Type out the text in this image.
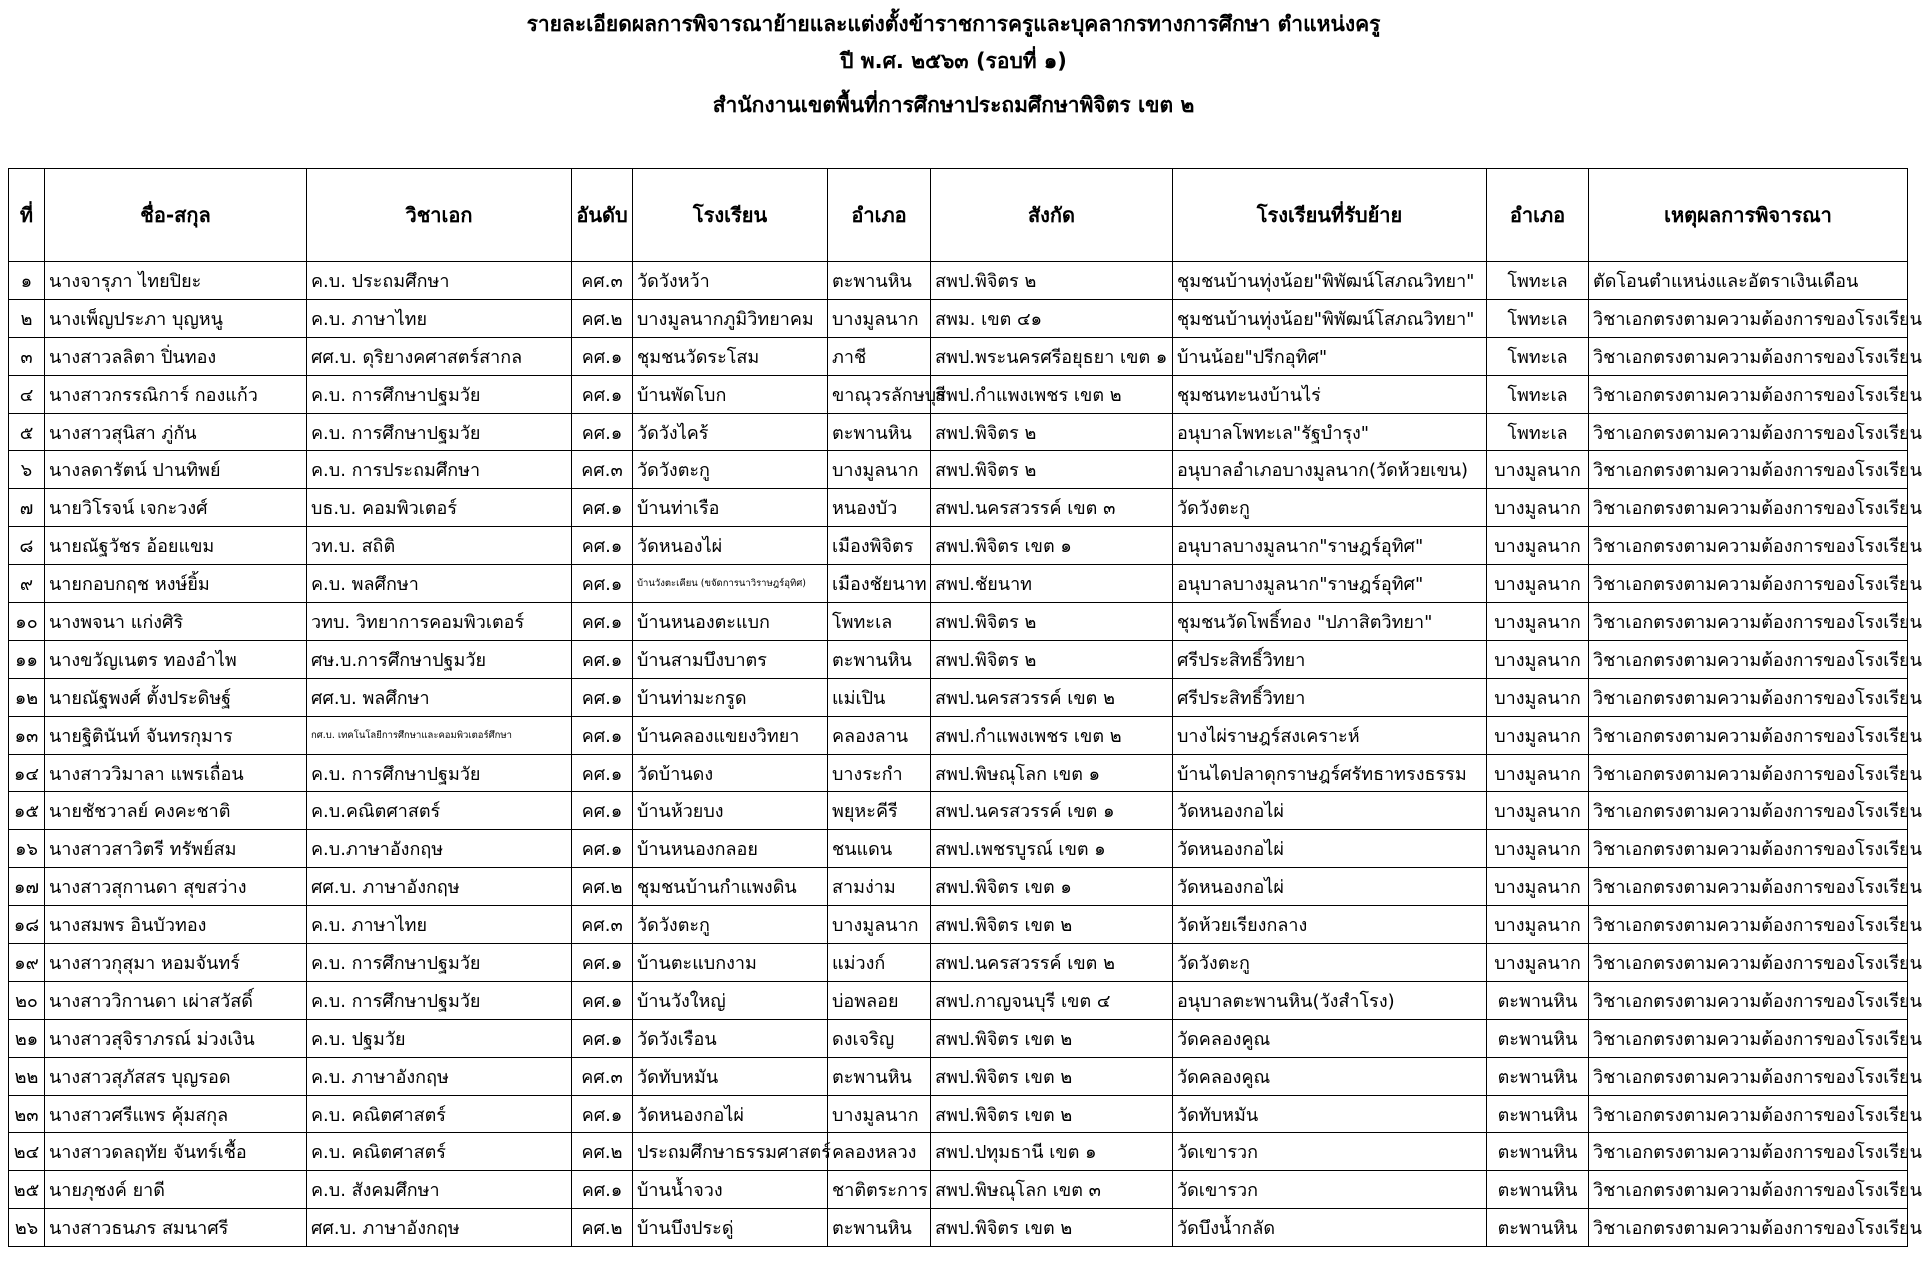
รายละเอียดผลการพิจารณาย้ายและแต่งตั้งข้าราชการครูและบุคลากรทางการศึกษา ตำแหน่งครู
ปี พ.ศ. ๒๕๖๓ (รอบที่ ๑)
สำนักงานเขตพื้นที่การศึกษาประถมศึกษาพิจิตร เขต ๒
ที่	ชื่อ-สกุล	วิชาเอก	อันดับ	โรงเรียน	อำเภอ	สังกัด	โรงเรียนที่รับย้าย	อำเภอ	เหตุผลการพิจารณา
๑	นางจารุภา ไทยปิยะ	ค.บ. ประถมศึกษา	คศ.๓	วัดวังหว้า	ตะพานหิน	สพป.พิจิตร ๒	ชุมชนบ้านทุ่งน้อย"พิพัฒน์โสภณวิทยา"	โพทะเล	ตัดโอนตำแหน่งและอัตราเงินเดือน
๒	นางเพ็ญประภา บุญหนู	ค.บ. ภาษาไทย	คศ.๒	บางมูลนากภูมิวิทยาคม	บางมูลนาก	สพม. เขต ๔๑	ชุมชนบ้านทุ่งน้อย"พิพัฒน์โสภณวิทยา"	โพทะเล	วิชาเอกตรงตามความต้องการของโรงเรียน
๓	นางสาวลลิตา ปิ่นทอง	ศศ.บ. ดุริยางคศาสตร์สากล	คศ.๑	ชุมชนวัดระโสม	ภาชี	สพป.พระนครศรีอยุธยา เขต ๑	บ้านน้อย"ปรีกอุทิศ"	โพทะเล	วิชาเอกตรงตามความต้องการของโรงเรียน
๔	นางสาวกรรณิการ์ กองแก้ว	ค.บ. การศึกษาปฐมวัย	คศ.๑	บ้านพัดโบก	ขาณุวรลักษบุรี	สพป.กำแพงเพชร เขต ๒	ชุมชนทะนงบ้านไร่	โพทะเล	วิชาเอกตรงตามความต้องการของโรงเรียน
๕	นางสาวสุนิสา ภู่กัน	ค.บ. การศึกษาปฐมวัย	คศ.๑	วัดวังไคร้	ตะพานหิน	สพป.พิจิตร ๒	อนุบาลโพทะเล"รัฐบำรุง"	โพทะเล	วิชาเอกตรงตามความต้องการของโรงเรียน
๖	นางลดารัตน์ ปานทิพย์	ค.บ. การประถมศึกษา	คศ.๓	วัดวังตะกู	บางมูลนาก	สพป.พิจิตร ๒	อนุบาลอำเภอบางมูลนาก(วัดห้วยเขน)	บางมูลนาก	วิชาเอกตรงตามความต้องการของโรงเรียน
๗	นายวิโรจน์ เจกะวงศ์	บธ.บ. คอมพิวเตอร์	คศ.๑	บ้านท่าเรือ	หนองบัว	สพป.นครสวรรค์ เขต ๓	วัดวังตะกู	บางมูลนาก	วิชาเอกตรงตามความต้องการของโรงเรียน
๘	นายณัฐวัชร อ้อยแขม	วท.บ. สถิติ	คศ.๑	วัดหนองไผ่	เมืองพิจิตร	สพป.พิจิตร เขต ๑	อนุบาลบางมูลนาก"ราษฎร์อุทิศ"	บางมูลนาก	วิชาเอกตรงตามความต้องการของโรงเรียน
๙	นายกอบกฤช หงษ์ยิ้ม	ค.บ. พลศึกษา	คศ.๑	บ้านวังตะเคียน (ขจัดการนาวิราษฎร์อุทิศ)	เมืองชัยนาท	สพป.ชัยนาท	อนุบาลบางมูลนาก"ราษฎร์อุทิศ"	บางมูลนาก	วิชาเอกตรงตามความต้องการของโรงเรียน
๑๐	นางพจนา แก่งศิริ	วทบ. วิทยาการคอมพิวเตอร์	คศ.๑	บ้านหนองตะแบก	โพทะเล	สพป.พิจิตร ๒	ชุมชนวัดโพธิ์ทอง "ปภาสิตวิทยา"	บางมูลนาก	วิชาเอกตรงตามความต้องการของโรงเรียน
๑๑	นางขวัญเนตร ทองอำไพ	ศษ.บ.การศึกษาปฐมวัย	คศ.๑	บ้านสามบึงบาตร	ตะพานหิน	สพป.พิจิตร ๒	ศรีประสิทธิ์วิทยา	บางมูลนาก	วิชาเอกตรงตามความต้องการของโรงเรียน
๑๒	นายณัฐพงศ์ ตั้งประดิษฐ์	ศศ.บ. พลศึกษา	คศ.๑	บ้านท่ามะกรูด	แม่เปิน	สพป.นครสวรรค์ เขต ๒	ศรีประสิทธิ์วิทยา	บางมูลนาก	วิชาเอกตรงตามความต้องการของโรงเรียน
๑๓	นายฐิตินันท์ จันทรกุมาร	กศ.บ. เทคโนโลยีการศึกษาและคอมพิวเตอร์ศึกษา	คศ.๑	บ้านคลองแขยงวิทยา	คลองลาน	สพป.กำแพงเพชร เขต ๒	บางไผ่ราษฎร์สงเคราะห์	บางมูลนาก	วิชาเอกตรงตามความต้องการของโรงเรียน
๑๔	นางสาววิมาลา แพรเถื่อน	ค.บ. การศึกษาปฐมวัย	คศ.๑	วัดบ้านดง	บางระกำ	สพป.พิษณุโลก เขต ๑	บ้านไดปลาดุกราษฎร์ศรัทธาทรงธรรม	บางมูลนาก	วิชาเอกตรงตามความต้องการของโรงเรียน
๑๕	นายชัชวาลย์ คงคะชาติ	ค.บ.คณิตศาสตร์	คศ.๑	บ้านห้วยบง	พยุหะคีรี	สพป.นครสวรรค์ เขต ๑	วัดหนองกอไผ่	บางมูลนาก	วิชาเอกตรงตามความต้องการของโรงเรียน
๑๖	นางสาวสาวิตรี ทรัพย์สม	ค.บ.ภาษาอังกฤษ	คศ.๑	บ้านหนองกลอย	ชนแดน	สพป.เพชรบูรณ์ เขต ๑	วัดหนองกอไผ่	บางมูลนาก	วิชาเอกตรงตามความต้องการของโรงเรียน
๑๗	นางสาวสุกานดา สุขสว่าง	ศศ.บ. ภาษาอังกฤษ	คศ.๒	ชุมชนบ้านกำแพงดิน	สามง่าม	สพป.พิจิตร เขต ๑	วัดหนองกอไผ่	บางมูลนาก	วิชาเอกตรงตามความต้องการของโรงเรียน
๑๘	นางสมพร อินบัวทอง	ค.บ. ภาษาไทย	คศ.๓	วัดวังตะกู	บางมูลนาก	สพป.พิจิตร เขต ๒	วัดห้วยเรียงกลาง	บางมูลนาก	วิชาเอกตรงตามความต้องการของโรงเรียน
๑๙	นางสาวกุสุมา หอมจันทร์	ค.บ. การศึกษาปฐมวัย	คศ.๑	บ้านตะแบกงาม	แม่วงก์	สพป.นครสวรรค์ เขต ๒	วัดวังตะกู	บางมูลนาก	วิชาเอกตรงตามความต้องการของโรงเรียน
๒๐	นางสาววิกานดา เผ่าสวัสดิ์	ค.บ. การศึกษาปฐมวัย	คศ.๑	บ้านวังใหญ่	บ่อพลอย	สพป.กาญจนบุรี เขต ๔	อนุบาลตะพานหิน(วังสำโรง)	ตะพานหิน	วิชาเอกตรงตามความต้องการของโรงเรียน
๒๑	นางสาวสุจิราภรณ์ ม่วงเงิน	ค.บ. ปฐมวัย	คศ.๑	วัดวังเรือน	ดงเจริญ	สพป.พิจิตร เขต ๒	วัดคลองคูณ	ตะพานหิน	วิชาเอกตรงตามความต้องการของโรงเรียน
๒๒	นางสาวสุภัสสร บุญรอด	ค.บ. ภาษาอังกฤษ	คศ.๓	วัดทับหมัน	ตะพานหิน	สพป.พิจิตร เขต ๒	วัดคลองคูณ	ตะพานหิน	วิชาเอกตรงตามความต้องการของโรงเรียน
๒๓	นางสาวศรีแพร คุ้มสกุล	ค.บ. คณิตศาสตร์	คศ.๑	วัดหนองกอไผ่	บางมูลนาก	สพป.พิจิตร เขต ๒	วัดทับหมัน	ตะพานหิน	วิชาเอกตรงตามความต้องการของโรงเรียน
๒๔	นางสาวดลฤทัย จันทร์เชื้อ	ค.บ. คณิตศาสตร์	คศ.๒	ประถมศึกษาธรรมศาสตร์	คลองหลวง	สพป.ปทุมธานี เขต ๑	วัดเขารวก	ตะพานหิน	วิชาเอกตรงตามความต้องการของโรงเรียน
๒๕	นายภุชงค์ ยาดี	ค.บ. สังคมศึกษา	คศ.๑	บ้านน้ำจวง	ชาติตระการ	สพป.พิษณุโลก เขต ๓	วัดเขารวก	ตะพานหิน	วิชาเอกตรงตามความต้องการของโรงเรียน
๒๖	นางสาวธนภร สมนาศรี	ศศ.บ. ภาษาอังกฤษ	คศ.๒	บ้านบึงประดู่	ตะพานหิน	สพป.พิจิตร เขต ๒	วัดบึงน้ำกลัด	ตะพานหิน	วิชาเอกตรงตามความต้องการของโรงเรียน
